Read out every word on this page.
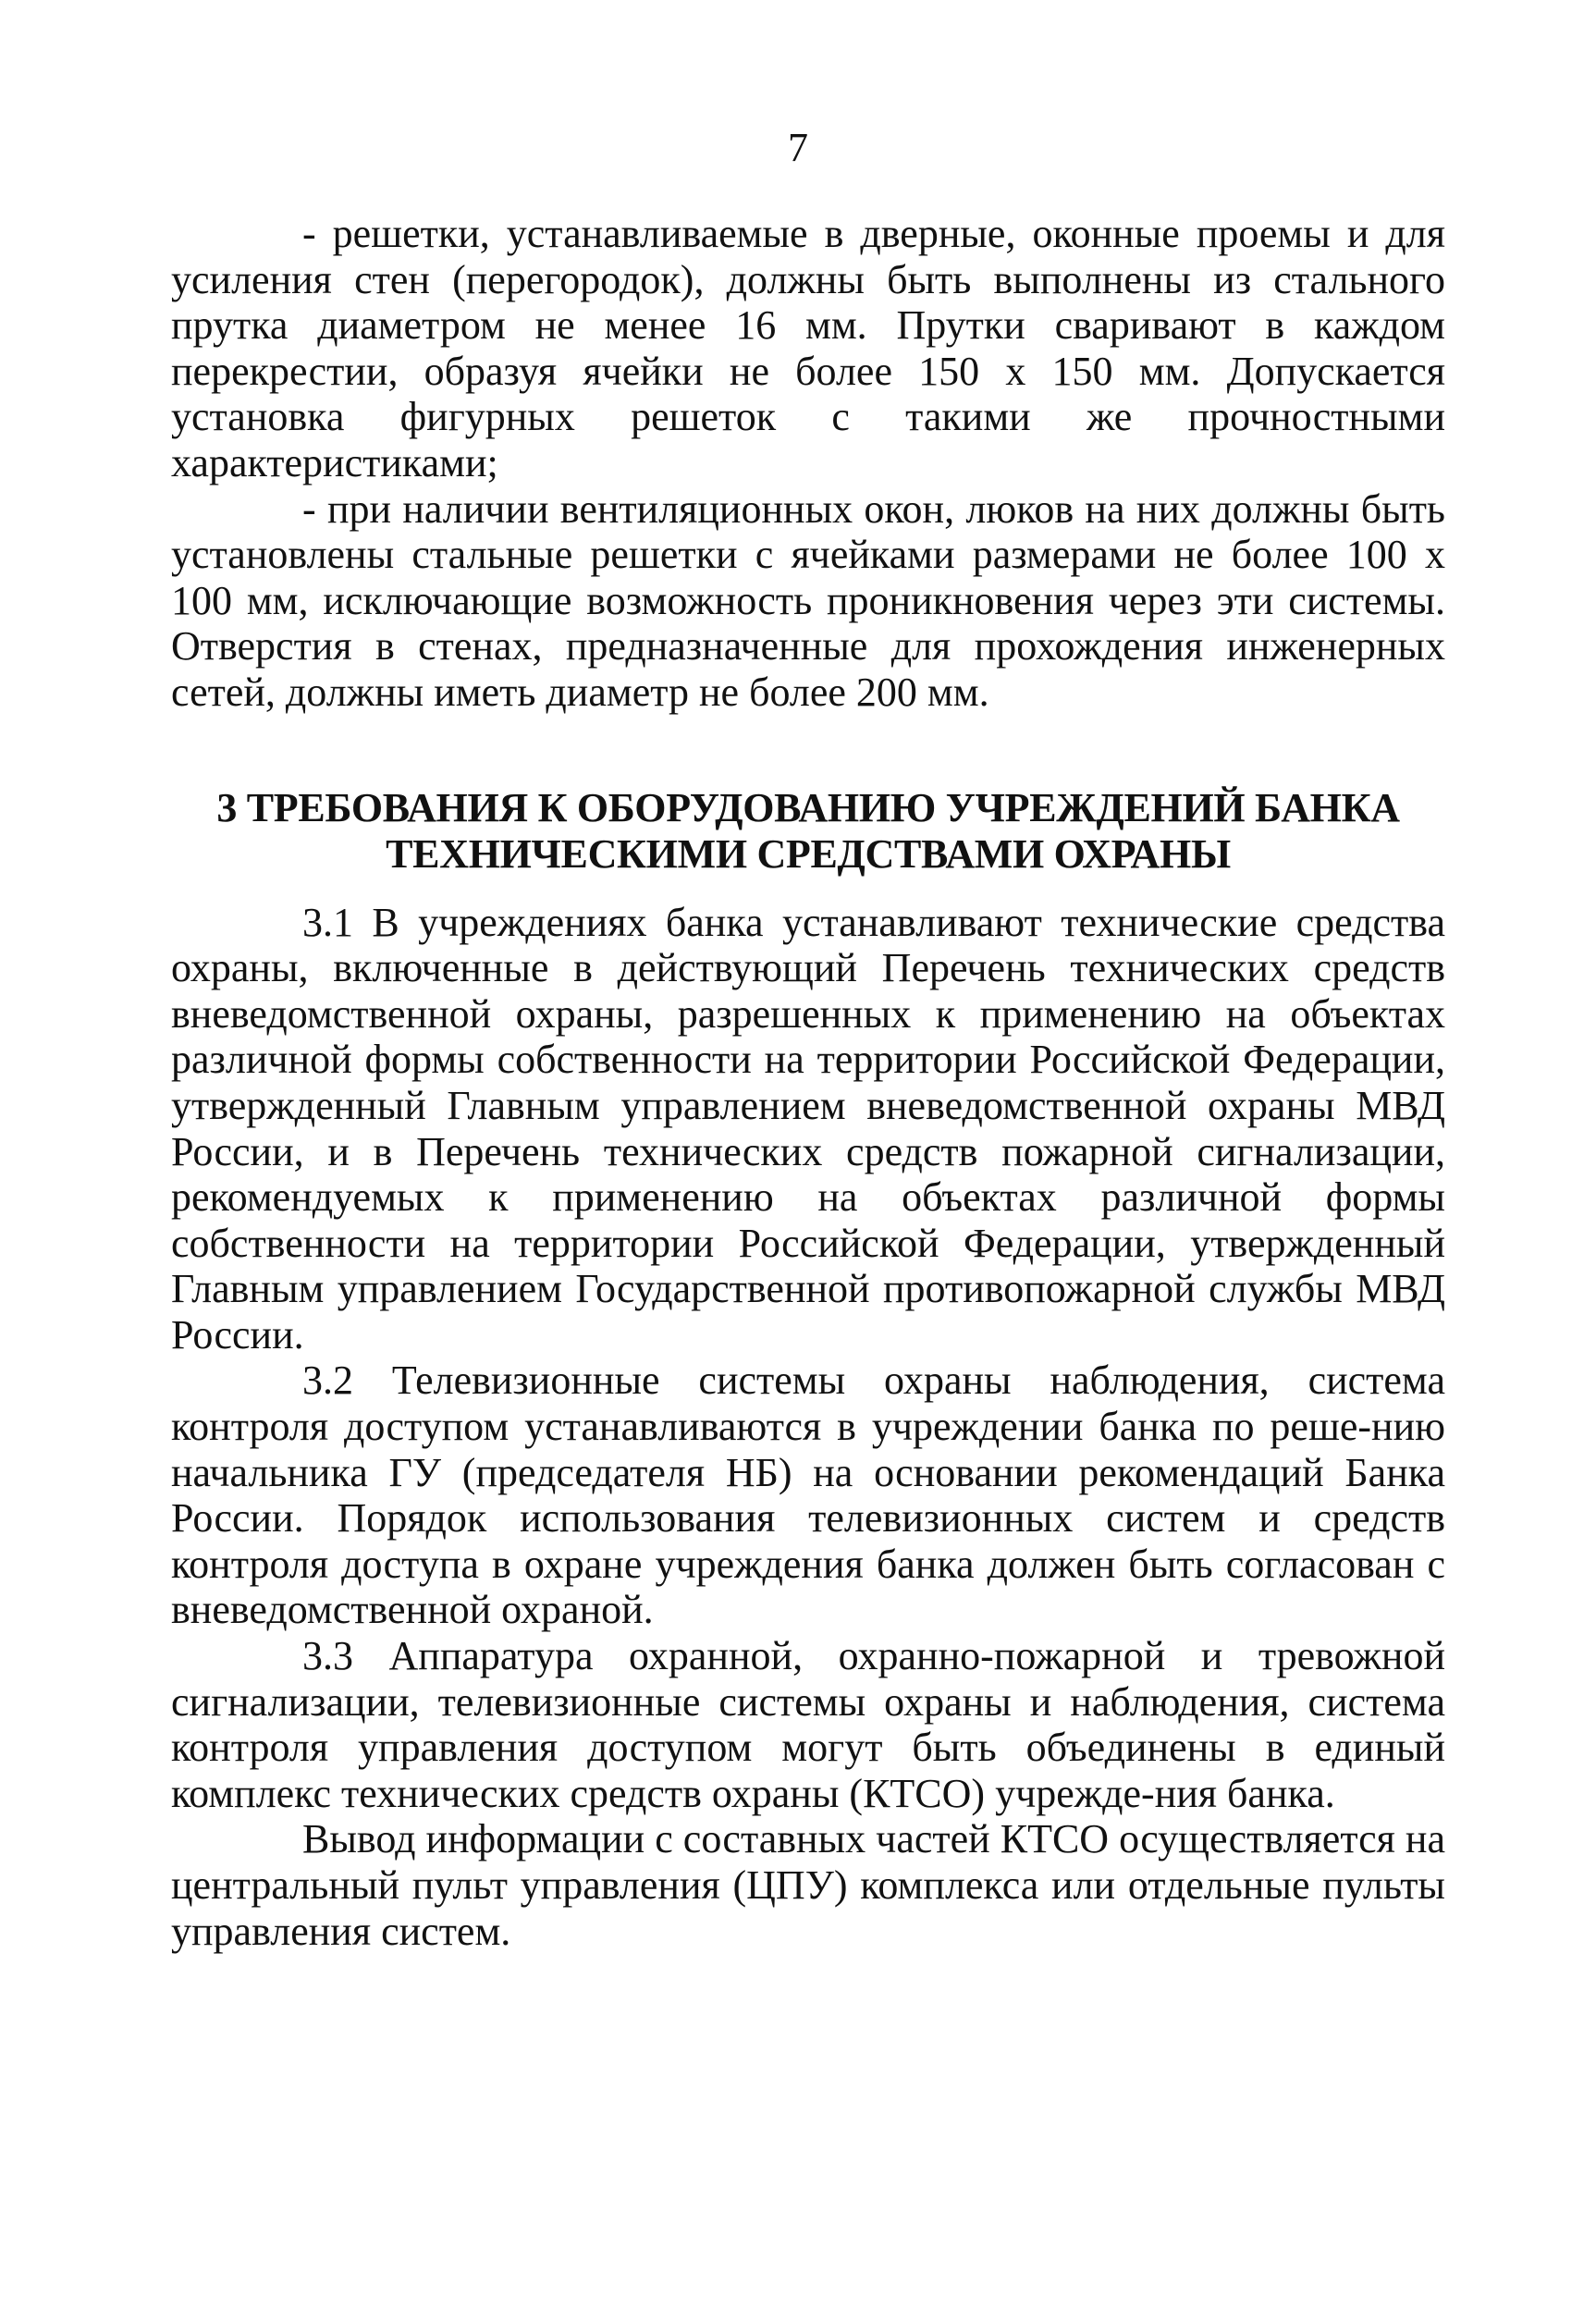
7

- решетки, устанавливаемые в дверные, оконные проемы и для усиления стен (перегородок), должны быть выполнены из стального прутка диаметром не менее 16 мм. Прутки сваривают в каждом перекрестии, образуя ячейки не более 150 х 150 мм. Допускается установка фигурных решеток с такими же прочностными характеристиками;

- при наличии вентиляционных окон, люков на них должны быть установлены стальные решетки с ячейками размерами не более 100 х 100 мм, исключающие возможность проникновения через эти системы. Отверстия в стенах, предназначенные для прохождения инженерных сетей, должны иметь диаметр не более 200 мм.

3 ТРЕБОВАНИЯ К ОБОРУДОВАНИЮ УЧРЕЖДЕНИЙ БАНКА
ТЕХНИЧЕСКИМИ СРЕДСТВАМИ ОХРАНЫ

3.1 В учреждениях банка устанавливают технические средства охраны, включенные в действующий Перечень технических средств вневедомственной охраны, разрешенных к применению на объектах различной формы собственности на территории Российской Федерации, утвержденный Главным управлением вневедомственной охраны МВД России, и в Перечень технических средств пожарной сигнализации, рекомендуемых к применению на объектах различной формы собственности на территории Российской Федерации, утвержденный Главным управлением Государственной противопожарной службы МВД России.

3.2 Телевизионные системы охраны наблюдения, система контроля доступом устанавливаются в учреждении банка по реше-нию начальника ГУ (председателя НБ) на основании рекомендаций Банка России. Порядок использования телевизионных систем и средств контроля доступа в охране учреждения банка должен быть согласован с вневедомственной охраной.

3.3 Аппаратура охранной, охранно-пожарной и тревожной сигнализации, телевизионные системы охраны и наблюдения, система контроля управления доступом могут быть объединены в единый комплекс технических средств охраны (КТСО) учрежде-ния банка.

Вывод информации с составных частей КТСО осуществляется на центральный пульт управления (ЦПУ) комплекса или отдельные пульты управления систем.
